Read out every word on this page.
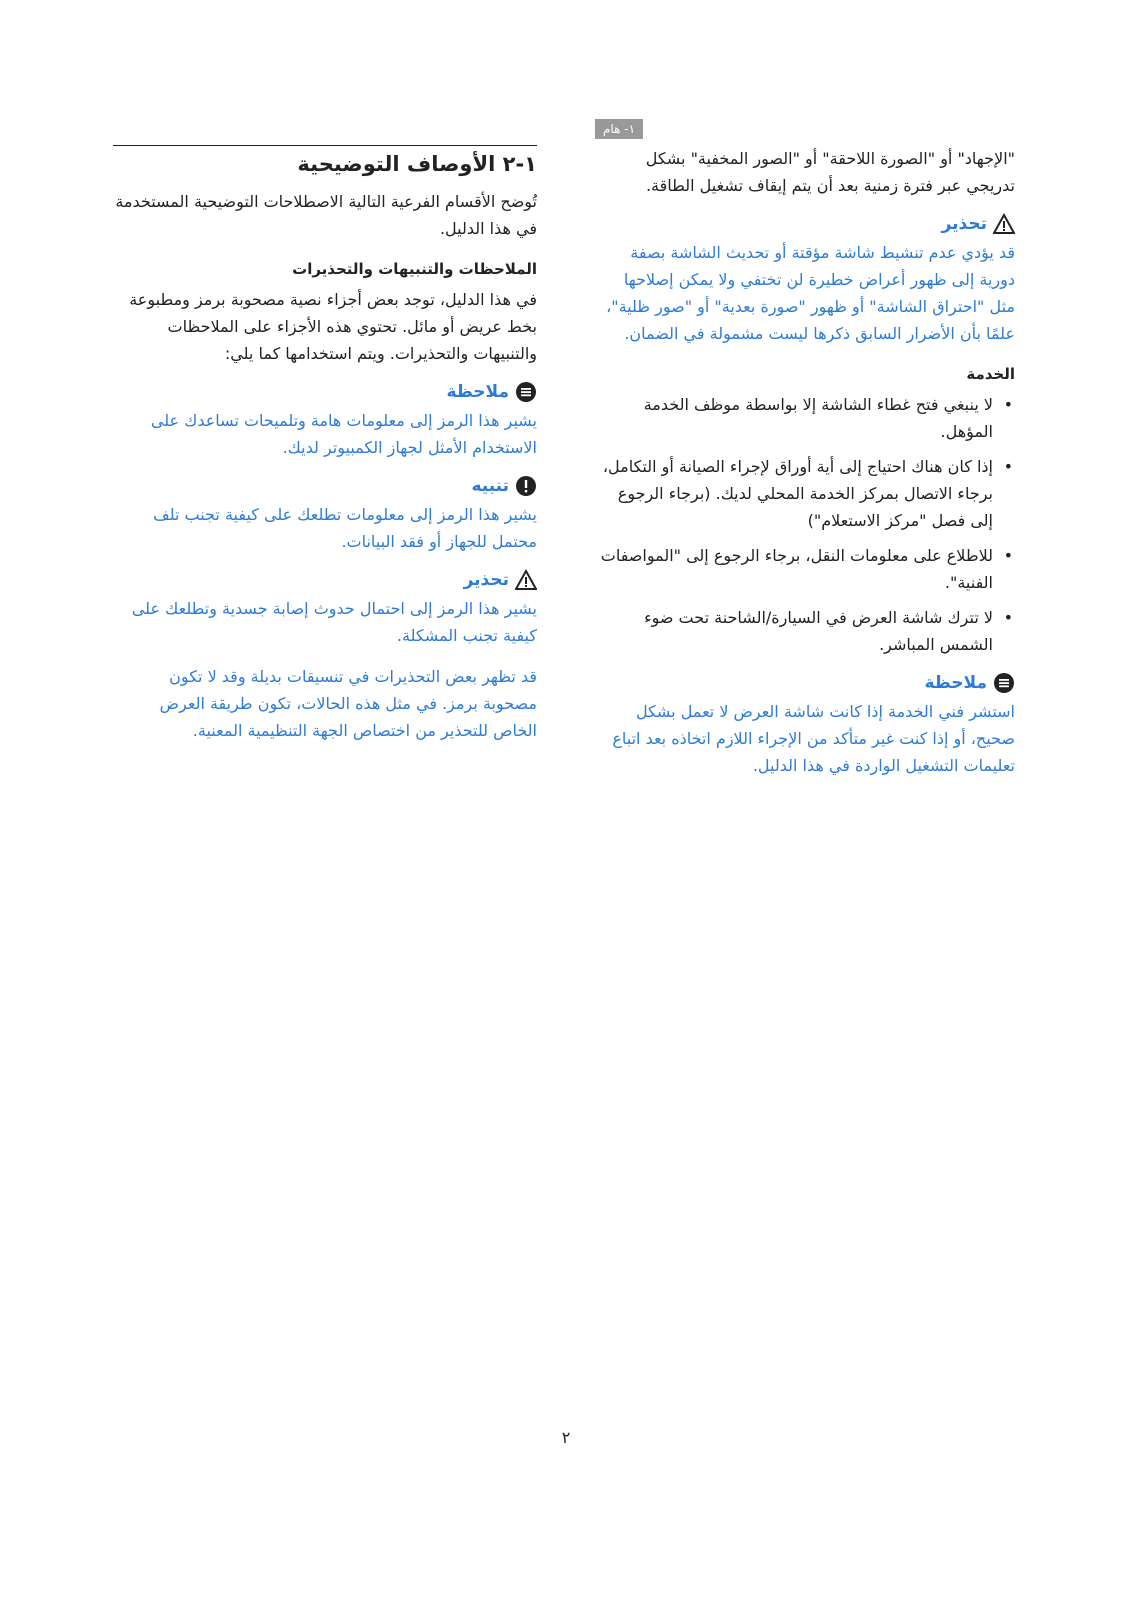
١- هام

"الإجهاد" أو "الصورة اللاحقة" أو "الصور المخفية" بشكل تدريجي عبر فترة زمنية بعد أن يتم إيقاف تشغيل الطاقة.

تحذير

قد يؤدي عدم تنشيط شاشة مؤقتة أو تحديث الشاشة بصفة دورية إلى ظهور أعراض خطيرة لن تختفي ولا يمكن إصلاحها مثل "احتراق الشاشة" أو ظهور "صورة بعدية" أو "صور ظلية"، علمًا بأن الأضرار السابق ذكرها ليست مشمولة في الضمان.

الخدمة
• لا ينبغي فتح غطاء الشاشة إلا بواسطة موظف الخدمة المؤهل.
• إذا كان هناك احتياج إلى أية أوراق لإجراء الصيانة أو التكامل، برجاء الاتصال بمركز الخدمة المحلي لديك. (برجاء الرجوع إلى فصل "مركز الاستعلام")
• للاطلاع على معلومات النقل، برجاء الرجوع إلى "المواصفات الفنية".
• لا تترك شاشة العرض في السيارة/الشاحنة تحت ضوء الشمس المباشر.
ملاحظة

استشر فني الخدمة إذا كانت شاشة العرض لا تعمل بشكل صحيح، أو إذا كنت غير متأكد من الإجراء اللازم اتخاذه بعد اتباع تعليمات التشغيل الواردة في هذا الدليل.

١-٢ الأوصاف التوضيحية

تُوضح الأقسام الفرعية التالية الاصطلاحات التوضيحية المستخدمة في هذا الدليل.

الملاحظات والتنبيهات والتحذيرات

في هذا الدليل، توجد بعض أجزاء نصية مصحوبة برمز ومطبوعة بخط عريض أو مائل. تحتوي هذه الأجزاء على الملاحظات والتنبيهات والتحذيرات. ويتم استخدامها كما يلي:

ملاحظة

يشير هذا الرمز إلى معلومات هامة وتلميحات تساعدك على الاستخدام الأمثل لجهاز الكمبيوتر لديك.

تنبيه

يشير هذا الرمز إلى معلومات تطلعك على كيفية تجنب تلف محتمل للجهاز أو فقد البيانات.

تحذير

يشير هذا الرمز إلى احتمال حدوث إصابة جسدية وتطلعك على كيفية تجنب المشكلة.

قد تظهر بعض التحذيرات في تنسيقات بديلة وقد لا تكون مصحوبة برمز. في مثل هذه الحالات، تكون طريقة العرض الخاص للتحذير من اختصاص الجهة التنظيمية المعنية.

٢
